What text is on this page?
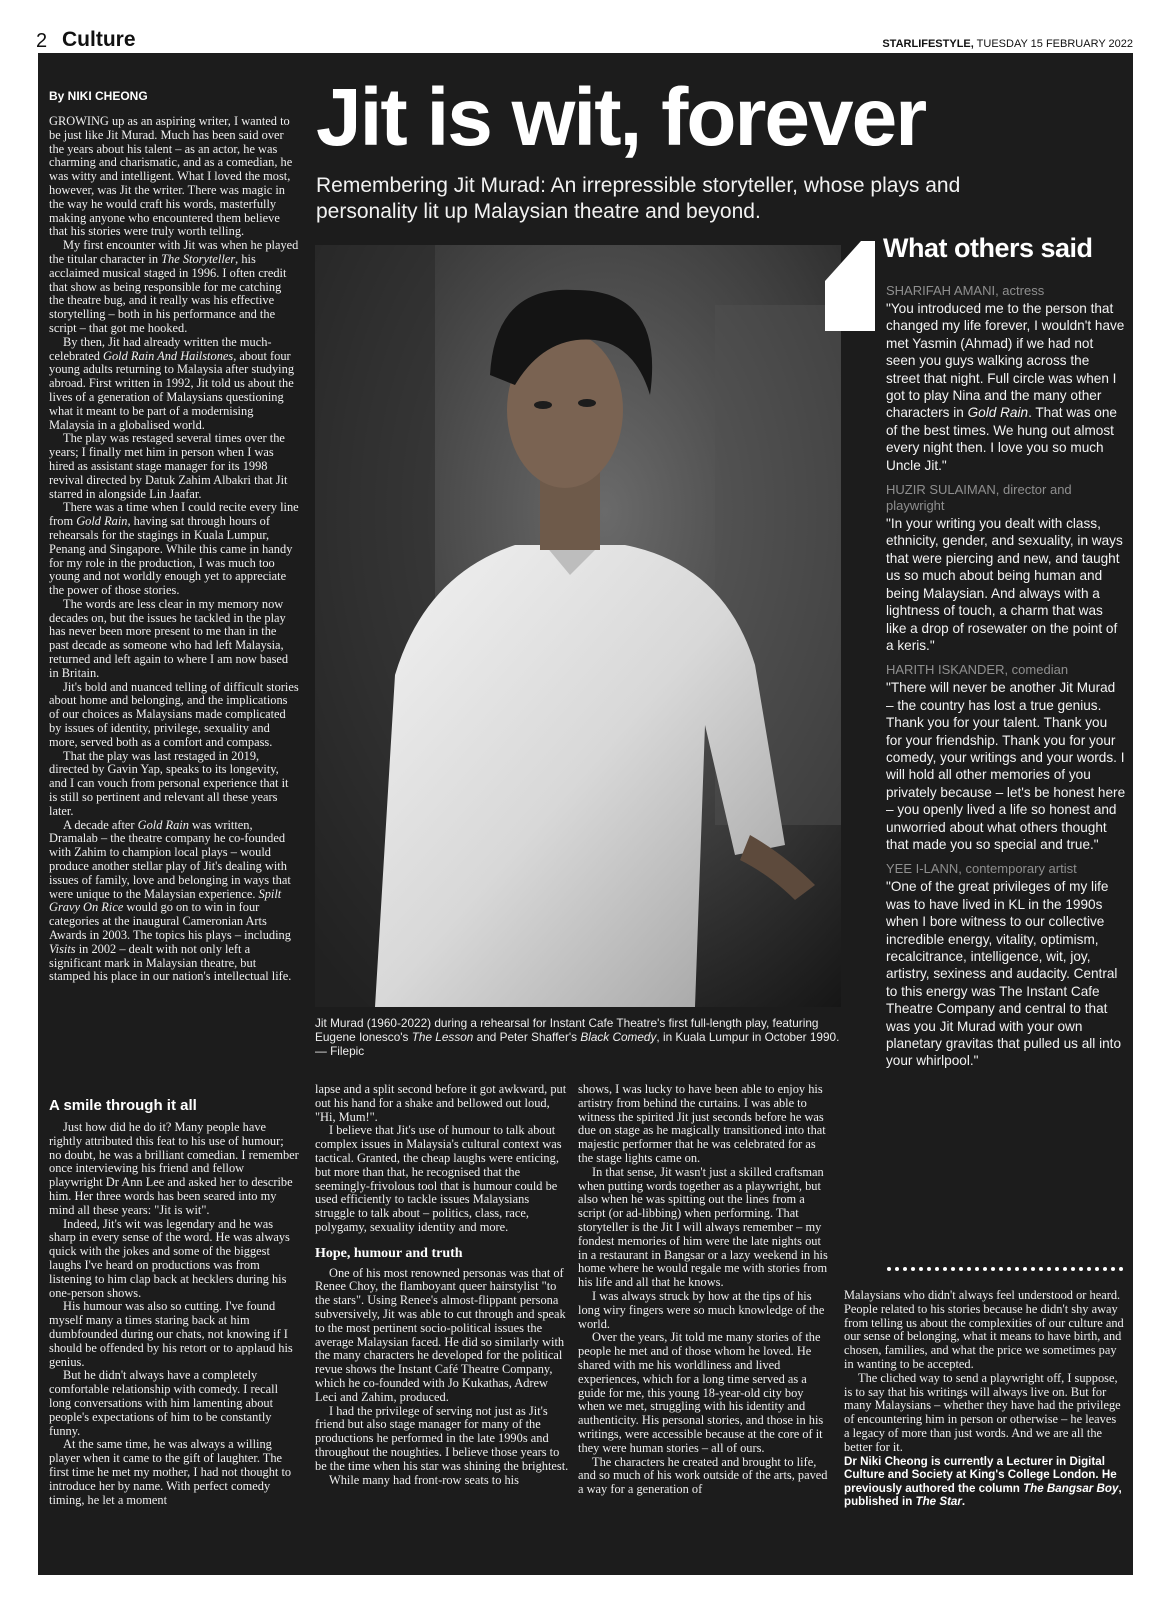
2 Culture	STARLIFESTYLE, TUESDAY 15 FEBRUARY 2022
By NIKI CHEONG

GROWING up as an aspiring writer, I wanted to be just like Jit Murad. Much has been said over the years about his talent – as an actor, he was charming and charismatic, and as a comedian, he was witty and intelligent. What I loved the most, however, was Jit the writer. There was magic in the way he would craft his words, masterfully making anyone who encountered them believe that his stories were truly worth telling.

My first encounter with Jit was when he played the titular character in The Storyteller, his acclaimed musical staged in 1996. I often credit that show as being responsible for me catching the theatre bug, and it really was his effective storytelling – both in his performance and the script – that got me hooked.

By then, Jit had already written the much-celebrated Gold Rain And Hailstones, about four young adults returning to Malaysia after studying abroad. First written in 1992, Jit told us about the lives of a generation of Malaysians questioning what it meant to be part of a modernising Malaysia in a globalised world.

The play was restaged several times over the years; I finally met him in person when I was hired as assistant stage manager for its 1998 revival directed by Datuk Zahim Albakri that Jit starred in alongside Lin Jaafar.

There was a time when I could recite every line from Gold Rain, having sat through hours of rehearsals for the stagings in Kuala Lumpur, Penang and Singapore. While this came in handy for my role in the production, I was much too young and not worldly enough yet to appreciate the power of those stories.

The words are less clear in my memory now decades on, but the issues he tackled in the play has never been more present to me than in the past decade as someone who had left Malaysia, returned and left again to where I am now based in Britain.

Jit's bold and nuanced telling of difficult stories about home and belonging, and the implications of our choices as Malaysians made complicated by issues of identity, privilege, sexuality and more, served both as a comfort and compass.

That the play was last restaged in 2019, directed by Gavin Yap, speaks to its longevity, and I can vouch from personal experience that it is still so pertinent and relevant all these years later.

A decade after Gold Rain was written, Dramalab – the theatre company he co-founded with Zahim to champion local plays – would produce another stellar play of Jit's dealing with issues of family, love and belonging in ways that were unique to the Malaysian experience. Spilt Gravy On Rice would go on to win in four categories at the inaugural Cameronian Arts Awards in 2003. The topics his plays – including Visits in 2002 – dealt with not only left a significant mark in Malaysian theatre, but stamped his place in our nation's intellectual life.

A smile through it all

Just how did he do it? Many people have rightly attributed this feat to his use of humour; no doubt, he was a brilliant comedian. I remember once interviewing his friend and fellow playwright Dr Ann Lee and asked her to describe him. Her three words has been seared into my mind all these years: "Jit is wit".

Indeed, Jit's wit was legendary and he was sharp in every sense of the word. He was always quick with the jokes and some of the biggest laughs I've heard on productions was from listening to him clap back at hecklers during his one-person shows.

His humour was also so cutting. I've found myself many a times staring back at him dumbfounded during our chats, not knowing if I should be offended by his retort or to applaud his genius.

But he didn't always have a completely comfortable relationship with comedy. I recall long conversations with him lamenting about people's expectations of him to be constantly funny.

At the same time, he was always a willing player when it came to the gift of laughter. The first time he met my mother, I had not thought to introduce her by name. With perfect comedy timing, he let a moment

Jit is wit, forever
Remembering Jit Murad: An irrepressible storyteller, whose plays and personality lit up Malaysian theatre and beyond.
Jit Murad (1960-2022) during a rehearsal for Instant Cafe Theatre's first full-length play, featuring Eugene Ionesco's The Lesson and Peter Shaffer's Black Comedy, in Kuala Lumpur in October 1990. — Filepic

lapse and a split second before it got awkward, put out his hand for a shake and bellowed out loud, "Hi, Mum!".

I believe that Jit's use of humour to talk about complex issues in Malaysia's cultural context was tactical. Granted, the cheap laughs were enticing, but more than that, he recognised that the seemingly-frivolous tool that is humour could be used efficiently to tackle issues Malaysians struggle to talk about – politics, class, race, polygamy, sexuality identity and more.

Hope, humour and truth

One of his most renowned personas was that of Renee Choy, the flamboyant queer hairstylist "to the stars". Using Renee's almost-flippant persona subversively, Jit was able to cut through and speak to the most pertinent socio-political issues the average Malaysian faced. He did so similarly with the many characters he developed for the political revue shows the Instant Café Theatre Company, which he co-founded with Jo Kukathas, Adrew Leci and Zahim, produced.

I had the privilege of serving not just as Jit's friend but also stage manager for many of the productions he performed in the late 1990s and throughout the noughties. I believe those years to be the time when his star was shining the brightest.

While many had front-row seats to his

shows, I was lucky to have been able to enjoy his artistry from behind the curtains. I was able to witness the spirited Jit just seconds before he was due on stage as he magically transitioned into that majestic performer that he was celebrated for as the stage lights came on.

In that sense, Jit wasn't just a skilled craftsman when putting words together as a playwright, but also when he was spitting out the lines from a script (or ad-libbing) when performing. That storyteller is the Jit I will always remember – my fondest memories of him were the late nights out in a restaurant in Bangsar or a lazy weekend in his home where he would regale me with stories from his life and all that he knows.

I was always struck by how at the tips of his long wiry fingers were so much knowledge of the world.

Over the years, Jit told me many stories of the people he met and of those whom he loved. He shared with me his worldliness and lived experiences, which for a long time served as a guide for me, this young 18-year-old city boy when we met, struggling with his identity and authenticity. His personal stories, and those in his writings, were accessible because at the core of it they were human stories – all of ours.

The characters he created and brought to life, and so much of his work outside of the arts, paved a way for a generation of

What others said
SHARIFAH AMANI, actress
"You introduced me to the person that changed my life forever, I wouldn't have met Yasmin (Ahmad) if we had not seen you guys walking across the street that night. Full circle was when I got to play Nina and the many other characters in Gold Rain. That was one of the best times. We hung out almost every night then. I love you so much Uncle Jit."
HUZIR SULAIMAN, director and playwright
"In your writing you dealt with class, ethnicity, gender, and sexuality, in ways that were piercing and new, and taught us so much about being human and being Malaysian. And always with a lightness of touch, a charm that was like a drop of rosewater on the point of a keris."
HARITH ISKANDER, comedian
"There will never be another Jit Murad – the country has lost a true genius. Thank you for your talent. Thank you for your friendship. Thank you for your comedy, your writings and your words. I will hold all other memories of you privately because – let's be honest here – you openly lived a life so honest and unworried about what others thought that made you so special and true."
YEE I-LANN, contemporary artist
"One of the great privileges of my life was to have lived in KL in the 1990s when I bore witness to our collective incredible energy, vitality, optimism, recalcitrance, intelligence, wit, joy, artistry, sexiness and audacity. Central to this energy was The Instant Cafe Theatre Company and central to that was you Jit Murad with your own planetary gravitas that pulled us all into your whirlpool."

Malaysians who didn't always feel understood or heard. People related to his stories because he didn't shy away from telling us about the complexities of our culture and our sense of belonging, what it means to have birth, and chosen, families, and what the price we sometimes pay in wanting to be accepted.

The cliched way to send a playwright off, I suppose, is to say that his writings will always live on. But for many Malaysians – whether they have had the privilege of encountering him in person or otherwise – he leaves a legacy of more than just words. And we are all the better for it.

Dr Niki Cheong is currently a Lecturer in Digital Culture and Society at King's College London. He previously authored the column The Bangsar Boy, published in The Star.
